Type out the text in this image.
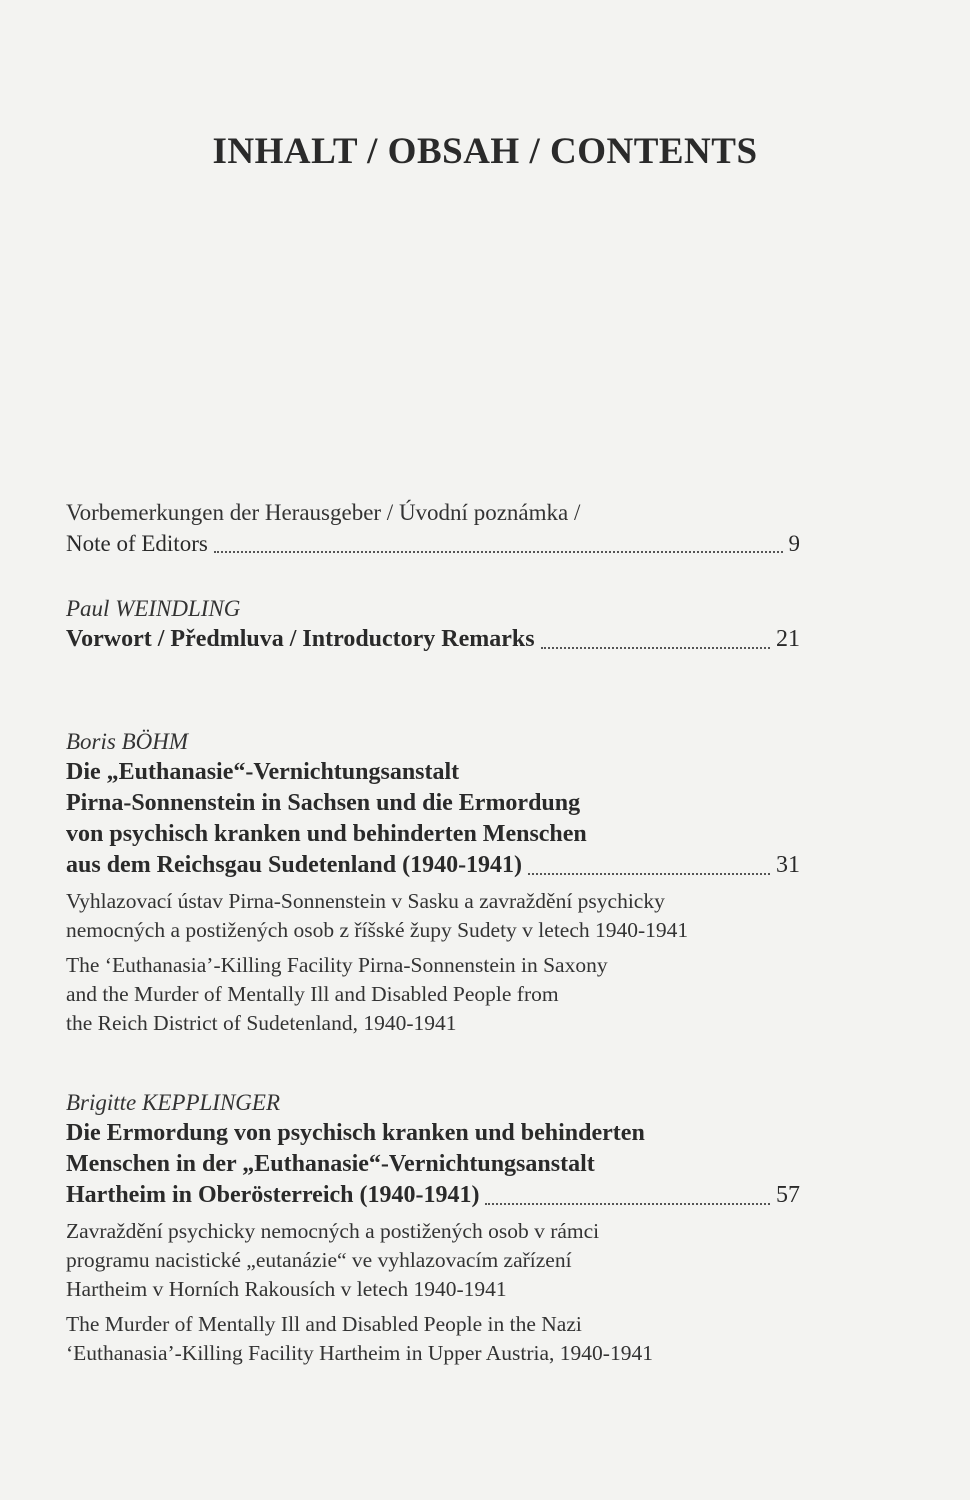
INHALT / OBSAH / CONTENTS
Vorbemerkungen der Herausgeber / Úvodní poznámka /
Note of Editors	9
Paul WEINDLING
Vorwort / Předmluva / Introductory Remarks	21
Boris BÖHM
Die „Euthanasie“-Vernichtungsanstalt
Pirna-Sonnenstein in Sachsen und die Ermordung
von psychisch kranken und behinderten Menschen
aus dem Reichsgau Sudetenland (1940-1941)	31
Vyhlazovací ústav Pirna-Sonnenstein v Sasku a zavraždění psychicky
nemocných a postižených osob z říšské župy Sudety v letech 1940-1941
The ‘Euthanasia’-Killing Facility Pirna-Sonnenstein in Saxony
and the Murder of Mentally Ill and Disabled People from
the Reich District of Sudetenland, 1940-1941
Brigitte KEPPLINGER
Die Ermordung von psychisch kranken und behinderten
Menschen in der „Euthanasie“-Vernichtungsanstalt
Hartheim in Oberösterreich (1940-1941)	57
Zavraždění psychicky nemocných a postižených osob v rámci
programu nacistické „eutanázie“ ve vyhlazovacím zařízení
Hartheim v Horních Rakousích v letech 1940-1941
The Murder of Mentally Ill and Disabled People in the Nazi
‘Euthanasia’-Killing Facility Hartheim in Upper Austria, 1940-1941
